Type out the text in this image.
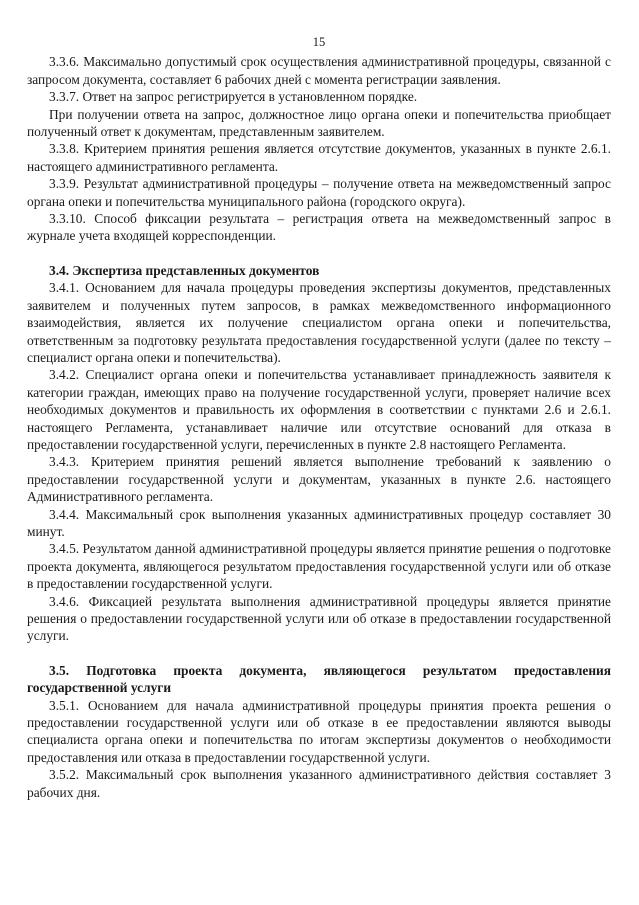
15

3.3.6. Максимально допустимый срок осуществления административной процедуры, связанной с запросом документа, составляет 6 рабочих дней с момента регистрации заявления.

3.3.7. Ответ на запрос регистрируется в установленном порядке.

При получении ответа на запрос, должностное лицо органа опеки и попечительства приобщает полученный ответ к документам, представленным заявителем.

3.3.8. Критерием принятия решения является отсутствие документов, указанных в пункте 2.6.1. настоящего административного регламента.

3.3.9. Результат административной процедуры – получение ответа на межведомственный запрос органа опеки и попечительства муниципального района (городского округа).

3.3.10. Способ фиксации результата – регистрация ответа на межведомственный запрос в журнале учета входящей корреспонденции.

3.4. Экспертиза представленных документов

3.4.1. Основанием для начала процедуры проведения экспертизы документов, представленных заявителем и полученных путем запросов, в рамках межведомственного информационного взаимодействия, является их получение специалистом органа опеки и попечительства, ответственным за подготовку результата предоставления государственной услуги (далее по тексту – специалист органа опеки и попечительства).

3.4.2. Специалист органа опеки и попечительства устанавливает принадлежность заявителя к категории граждан, имеющих право на получение государственной услуги, проверяет наличие всех необходимых документов и правильность их оформления в соответствии с пунктами 2.6 и 2.6.1. настоящего Регламента, устанавливает наличие или отсутствие оснований для отказа в предоставлении государственной услуги, перечисленных в пункте 2.8 настоящего Регламента.

3.4.3. Критерием принятия решений является выполнение требований к заявлению о предоставлении государственной услуги и документам, указанных в пункте 2.6. настоящего Административного регламента.

3.4.4. Максимальный срок выполнения указанных административных процедур составляет 30 минут.

3.4.5. Результатом данной административной процедуры является принятие решения о подготовке проекта документа, являющегося результатом предоставления государственной услуги или об отказе в предоставлении государственной услуги.

3.4.6. Фиксацией результата выполнения административной процедуры является принятие решения о предоставлении государственной услуги или об отказе в предоставлении государственной услуги.

3.5. Подготовка проекта документа, являющегося результатом предоставления государственной услуги

3.5.1. Основанием для начала административной процедуры принятия проекта решения о предоставлении государственной услуги или об отказе в ее предоставлении являются выводы специалиста органа опеки и попечительства по итогам экспертизы документов о необходимости предоставления или отказа в предоставлении государственной услуги.

3.5.2. Максимальный срок выполнения указанного административного действия составляет 3 рабочих дня.
